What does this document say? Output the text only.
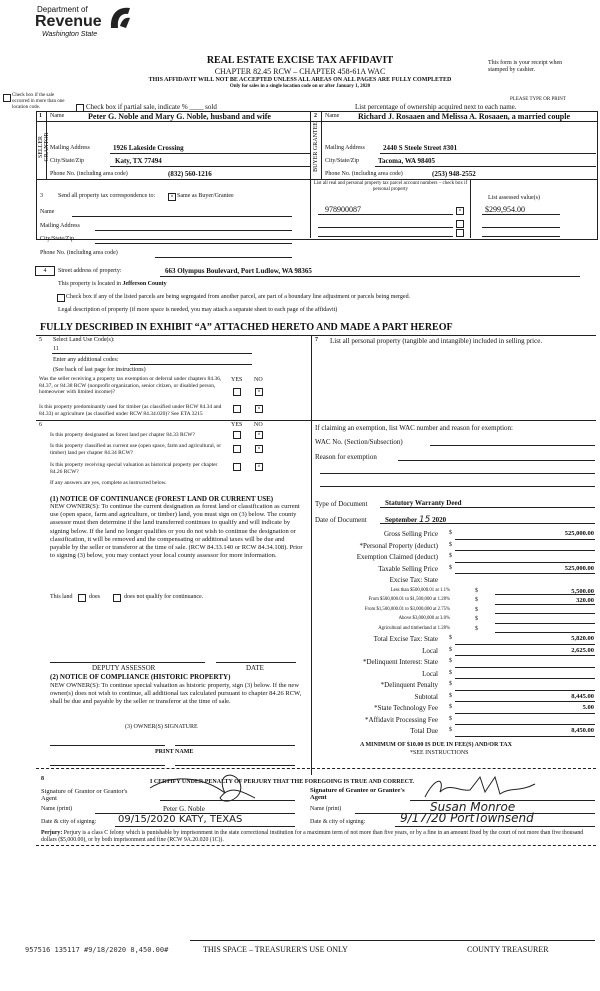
Department of
Revenue
Washington State
REAL ESTATE EXCISE TAX AFFIDAVIT
CHAPTER 82.45 RCW – CHAPTER 458-61A WAC
THIS AFFIDAVIT WILL NOT BE ACCEPTED UNLESS ALL AREAS ON ALL PAGES ARE FULLY COMPLETED
Only for sales in a single location code on or after January 1, 2020
This form is your receipt when stamped by cashier.
PLEASE TYPE OR PRINT
Check box if the sale occurred in more than one location code.	Check box if partial sale, indicate % ____ sold	List percentage of ownership acquired next to each name.
1
SELLER GRANTOR
Name	Peter G. Noble and Mary G. Noble, husband and wife
Mailing Address	1926 Lakeside Crossing
City/State/Zip	Katy, TX 77494
Phone No. (including area code)	(832) 560-1216
2
BUYER GRANTEE
Name Richard J. Rosaaen and Melissa A. Rosaaen, a married couple
Mailing Address	2440 S Steele Street #301
City/State/Zip	Tacoma, WA 98405
Phone No. (including area code)	(253) 948-2552
3	Send all property tax correspondence to:	× Same as Buyer/Grantee
Name
Mailing Address
City/State/Zip
Phone No. (including area code)
List all real and personal property tax parcel account numbers – check box if personal property
List assessed value(s)
978900087	×	$299,954.00
4	Street address of property:	663 Olympus Boulevard, Port Ludlow, WA 98365
This property is located in Jefferson County
Check box if any of the listed parcels are being segregated from another parcel, are part of a boundary line adjustment or parcels being merged.
Legal description of property (if more space is needed, you may attach a separate sheet to each page of the affidavit)
FULLY DESCRIBED IN EXHIBIT “A” ATTACHED HERETO AND MADE A PART HEREOF
5 Select Land Use Code(s):
11
Enter any additional codes:
(See back of last page for instructions)
YES NO
Was the seller receiving a property tax exemption or deferral under chapters 84.36, 84.37, or 84.38 RCW (nonprofit organization, senior citizen, or disabled person, homeowner with limited income)?	×
Is this property predominantly used for timber (as classified under RCW 84.34 and 84.33) or agriculture (as classified under RCW 84.34.020)? See ETA 3215
×
6	YES NO
Is this property designated as forest land per chapter 84.33 RCW?	×
Is this property classified as current use (open space, farm and agricultural, or timber) land per chapter 84.34 RCW?
×
Is this property receiving special valuation as historical property per chapter 84.26 RCW?
×
If any answers are yes, complete as instructed below.
(1) NOTICE OF CONTINUANCE (FOREST LAND OR CURRENT USE)
NEW OWNER(S): To continue the current designation as forest land or classification as current use (open space, farm and agriculture, or timber) land, you must sign on (3) below. The county assessor must then determine if the land transferred continues to qualify and will indicate by signing below. If the land no longer qualifies or you do not wish to continue the designation or classification, it will be removed and the compensating or additional taxes will be due and payable by the seller or transferor at the time of sale. (RCW 84.33.140 or RCW 84.34.108). Prior to signing (3) below, you may contact your local county assessor for more information.
This land	does	does not qualify for continuance.
DEPUTY ASSESSOR	DATE
(2) NOTICE OF COMPLIANCE (HISTORIC PROPERTY)
NEW OWNER(S): To continue special valuation as historic property, sign (3) below. If the new owner(s) does not wish to continue, all additional tax calculated pursuant to chapter 84.26 RCW, shall be due and payable by the seller or transferor at the time of sale.
(3) OWNER(S) SIGNATURE
PRINT NAME
7 List all personal property (tangible and intangible) included in selling price.
If claiming an exemption, list WAC number and reason for exemption:
WAC No. (Section/Subsection)
Reason for exemption
Type of Document	Statutory Warranty Deed
Date of Document	September 15 2020
Gross Selling Price $	525,000.00
*Personal Property (deduct) $
Exemption Claimed (deduct) $
Taxable Selling Price $	525,000.00
Excise Tax: State
Less than $500,000.01 at 1.1%	$	5,500.00
From $500,000.01 to $1,500,000 at 1.28%	$	320.00
From $1,500,000.01 to $3,000,000 at 2.75%	$
Above $3,000,000 at 3.0%	$
Agricultural and timberland at 1.28%	$
Total Excise Tax: State $	5,820.00
Local $	2,625.00
*Delinquent Interest: State $
Local $
*Delinquent Penalty $
Subtotal $	8,445.00
*State Technology Fee $	5.00
*Affidavit Processing Fee $
Total Due $	8,450.00
A MINIMUM OF $10.00 IS DUE IN FEE(S) AND/OR TAX
*SEE INSTRUCTIONS
8	I CERTIFY UNDER PENALTY OF PERJURY THAT THE FOREGOING IS TRUE AND CORRECT.
Signature of Grantor or Grantor's Agent
Signature of Grantee or Grantee's Agent
Name (print)	Peter G. Noble	Name (print)	Susan Monroe
Date & city of signing: 09/15/2020 KATY, TEXAS	Date & city of signing:	9/17/20 PortTownsend
Perjury: Perjury is a class C felony which is punishable by imprisonment in the state correctional institution for a maximum term of not more than five years, or by a fine in an amount fixed by the court of not more than five thousand dollars ($5,000.00), or by both imprisonment and fine (RCW 9A.20.020 (1C)).
957516 135117 #9/18/2020 8,450.00#	THIS SPACE – TREASURER'S USE ONLY	COUNTY TREASURER
